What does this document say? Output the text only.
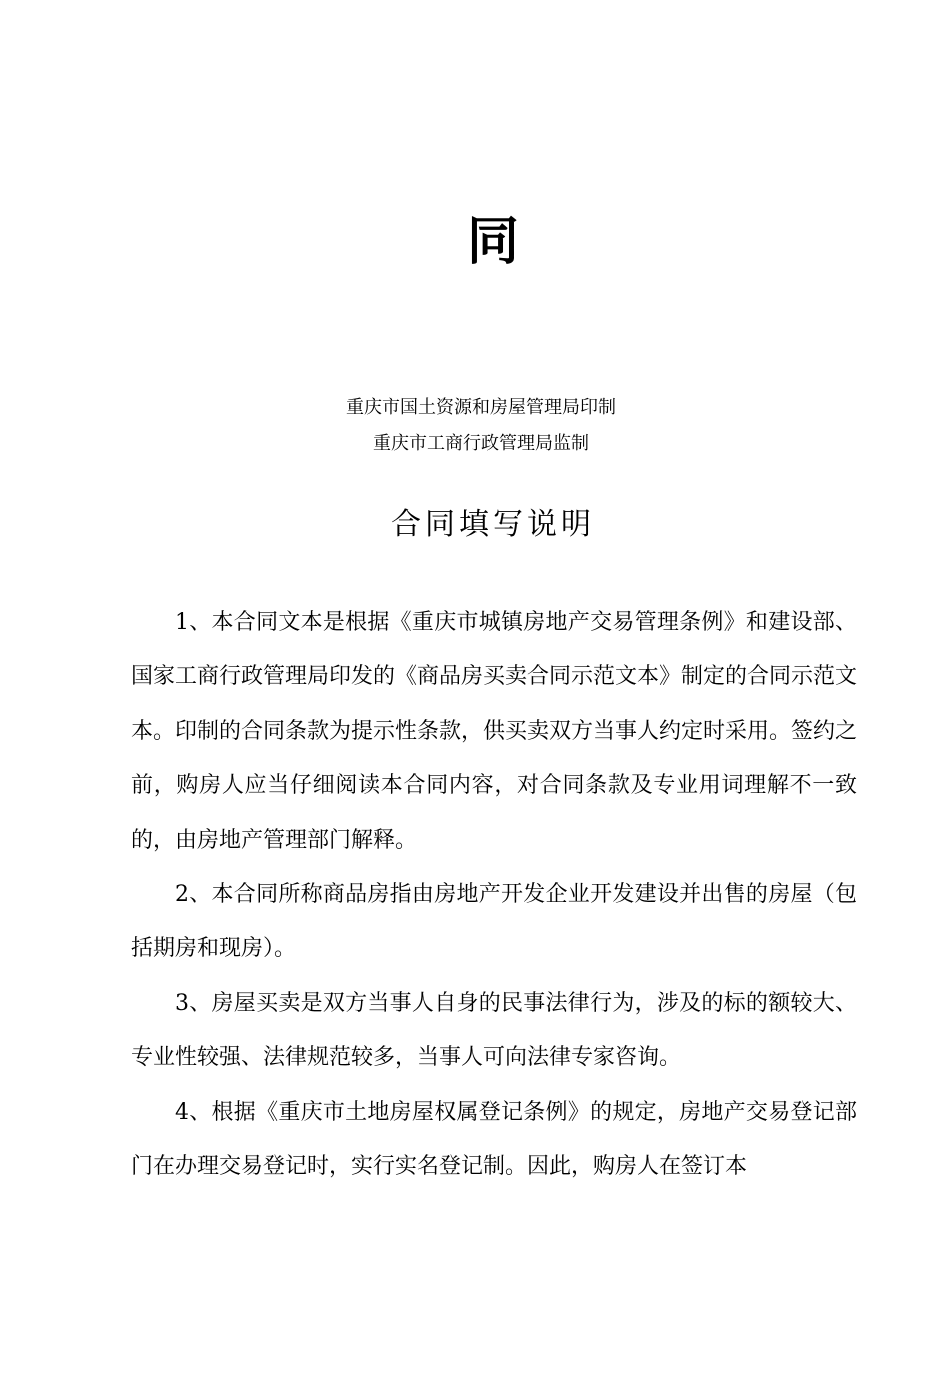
同
重庆市国土资源和房屋管理局印制
重庆市工商行政管理局监制
合同填写说明

1、本合同文本是根据《重庆市城镇房地产交易管理条例》和建设部、国家工商行政管理局印发的《商品房买卖合同示范文本》制定的合同示范文本。印制的合同条款为提示性条款，供买卖双方当事人约定时采用。签约之前，购房人应当仔细阅读本合同内容，对合同条款及专业用词理解不一致的，由房地产管理部门解释。

2、本合同所称商品房指由房地产开发企业开发建设并出售的房屋（包括期房和现房）。

3、房屋买卖是双方当事人自身的民事法律行为，涉及的标的额较大、专业性较强、法律规范较多，当事人可向法律专家咨询。

4、根据《重庆市土地房屋权属登记条例》的规定，房地产交易登记部门在办理交易登记时，实行实名登记制。因此，购房人在签订本
